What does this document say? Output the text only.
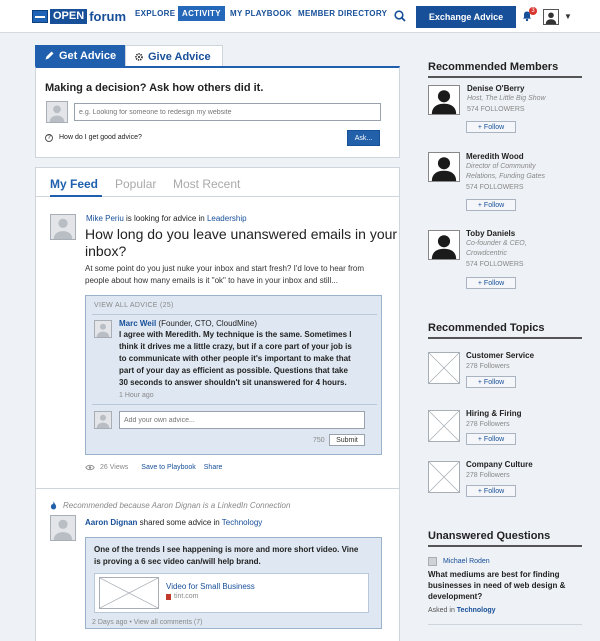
OPEN forum EXPLORE ACTIVITY	MY PLAYBOOK MEMBER DIRECTORY	Exchange Advice
3
▼
Get Advice	Give Advice
Making a decision? Ask how others did it.
e.g. Looking for someone to redesign my website
? How do I get good advice?	Ask...
My Feed Popular Most Recent
Mike Periu is looking for advice in Leadership
How long do you leave unanswered emails in your
inbox?
At some point do you just nuke your inbox and start fresh? I'd love to hear from
people about how many emails is it "ok" to have in your inbox and still...
VIEW ALL ADVICE (25)
Marc Weil (Founder, CTO, CloudMine)
I agree with Meredith. My technique is the same. Sometimes I
think it drives me a little crazy, but if a core part of your job is
to communicate with other people it's important to make that
part of your day as efficient as possible. Questions that take
30 seconds to answer shouldn't sit unanswered for 4 hours.
1 Hour ago
Add your own advice...
750	Submit
26 Views Save to Playbook Share
Recommended because Aaron Dignan is a LinkedIn Connection
Aaron Dignan shared some advice in Technology
One of the trends I see happening is more and more short video. Vine
is proving a 6 sec video can/will help brand.
Video for Small Business
tint.com
2 Days ago • View all comments (7)
Recommended Members
Denise O'Berry
Host, The Little Big Show
574 FOLLOWERS
+ Follow
Meredith Wood
Director of Community
Relations, Funding Gates
574 FOLLOWERS
+ Follow
Toby Daniels
Co-founder & CEO,
Crowdcentric
574 FOLLOWERS
+ Follow
Recommended Topics
Customer Service
278 Followers
+ Follow
Hiring & Firing
278 Followers
+ Follow
Company Culture
278 Followers
+ Follow
Unanswered Questions
Michael Roden
What mediums are best for finding
businesses in need of web design &
development?
Asked in Technology
